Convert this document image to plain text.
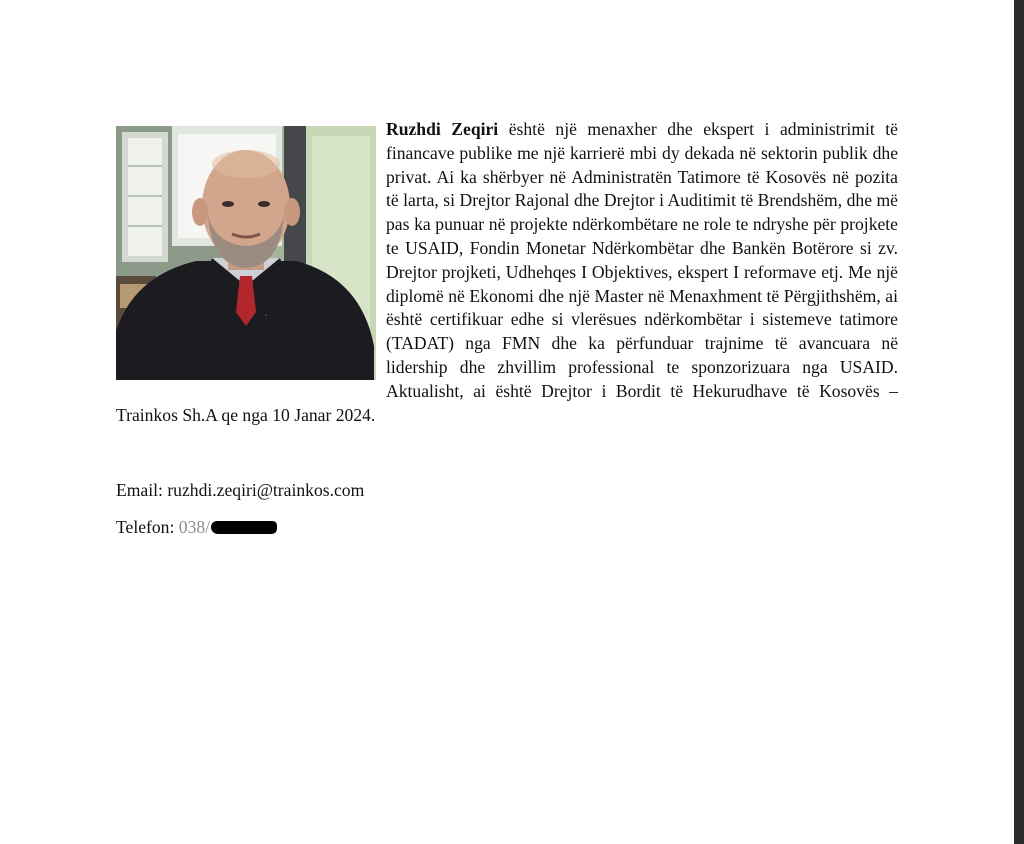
Ruzhdi Zeqiri është një menaxher dhe ekspert i administrimit të financave publike me një karrierë mbi dy dekada në sektorin publik dhe privat. Ai ka shërbyer në Administratën Tatimore të Kosovës në pozita të larta, si Drejtor Rajonal dhe Drejtor i Auditimit të Brendshëm, dhe më pas ka punuar në projekte ndërkombëtare ne role te ndryshe për projkete te USAID, Fondin Monetar Ndërkombëtar dhe Bankën Botërore si zv. Drejtor projketi, Udhehqes I Objektives, ekspert I reformave etj. Me një diplomë në Ekonomi dhe një Master në Menaxhment të Përgjithshëm, ai është certifikuar edhe si vlerësues ndërkombëtar i sistemeve tatimore (TADAT) nga FMN dhe ka përfunduar trajnime të avancuara në lidership dhe zhvillim professional te sponzorizuara nga USAID. Aktualisht, ai është Drejtor i Bordit të Hekurudhave të Kosovës – Trainkos Sh.A qe nga 10 Janar 2024.
Email: ruzhdi.zeqiri@trainkos.com
Telefon: 038/
